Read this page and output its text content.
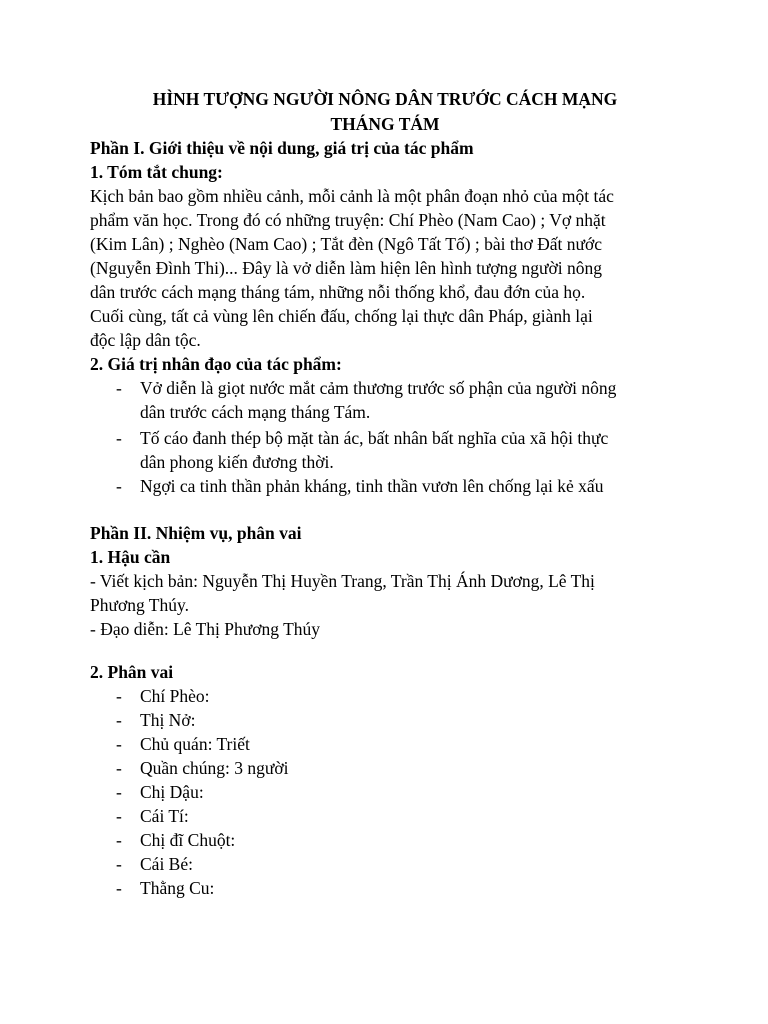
HÌNH TƯỢNG NGƯỜI NÔNG DÂN TRƯỚC CÁCH MẠNG
THÁNG TÁM
Phần I. Giới thiệu về nội dung, giá trị của tác phẩm
1. Tóm tắt chung:
Kịch bản bao gồm nhiều cảnh, mỗi cảnh là một phân đoạn nhỏ của một tác
phẩm văn học. Trong đó có những truyện: Chí Phèo (Nam Cao) ; Vợ nhặt
(Kim Lân) ; Nghèo (Nam Cao) ; Tắt đèn (Ngô Tất Tố) ; bài thơ Đất nước
(Nguyễn Đình Thi)... Đây là vở diễn làm hiện lên hình tượng người nông
dân trước cách mạng tháng tám, những nỗi thống khổ, đau đớn của họ.
Cuối cùng, tất cả vùng lên chiến đấu, chống lại thực dân Pháp, giành lại
độc lập dân tộc.
2. Giá trị nhân đạo của tác phẩm:
- Vở diễn là giọt nước mắt cảm thương trước số phận của người nông
dân trước cách mạng tháng Tám.
- Tố cáo đanh thép bộ mặt tàn ác, bất nhân bất nghĩa của xã hội thực
dân phong kiến đương thời.
- Ngợi ca tinh thần phản kháng, tinh thần vươn lên chống lại kẻ xấu
Phần II. Nhiệm vụ, phân vai
1. Hậu cần
- Viết kịch bản: Nguyễn Thị Huyền Trang, Trần Thị Ánh Dương, Lê Thị
Phương Thúy.
- Đạo diễn: Lê Thị Phương Thúy
2. Phân vai
- Chí Phèo:
- Thị Nở:
- Chủ quán: Triết
- Quần chúng: 3 người
- Chị Dậu:
- Cái Tí:
- Chị đĩ Chuột:
- Cái Bé:
- Thằng Cu:
